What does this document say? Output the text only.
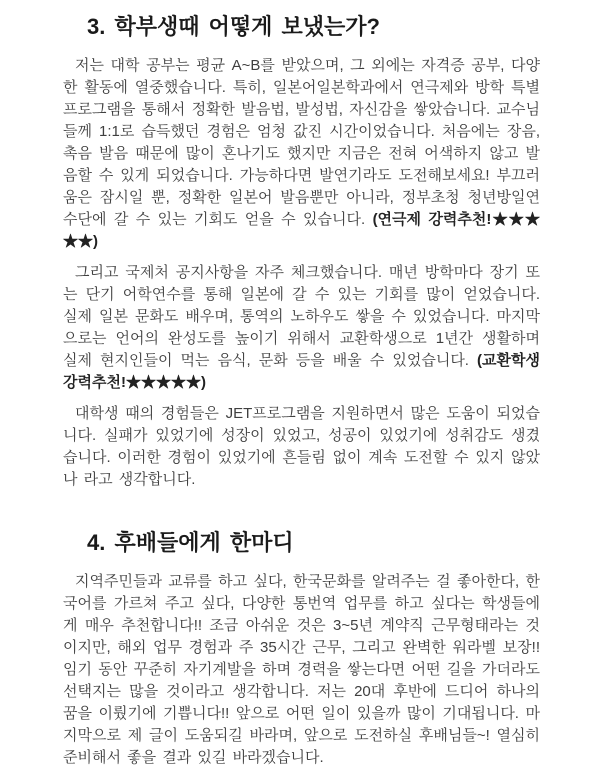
3. 학부생때 어떻게 보냈는가?

저는 대학 공부는 평균 A~B를 받았으며, 그 외에는 자격증 공부, 다양한 활동에 열중했습니다. 특히, 일본어일본학과에서 연극제와 방학 특별프로그램을 통해서 정확한 발음법, 발성법, 자신감을 쌓았습니다. 교수님들께 1:1로 습득했던 경험은 엄청 값진 시간이었습니다. 처음에는 장음, 촉음 발음 때문에 많이 혼나기도 했지만 지금은 전혀 어색하지 않고 발음할 수 있게 되었습니다. 가능하다면 발연기라도 도전해보세요! 부끄러움은 잠시일 뿐, 정확한 일본어 발음뿐만 아니라, 정부초청 청년방일연수단에 갈 수 있는 기회도 얻을 수 있습니다. (연극제 강력추천!★★★★★)

그리고 국제처 공지사항을 자주 체크했습니다. 매년 방학마다 장기 또는 단기 어학연수를 통해 일본에 갈 수 있는 기회를 많이 얻었습니다. 실제 일본 문화도 배우며, 통역의 노하우도 쌓을 수 있었습니다. 마지막으로는 언어의 완성도를 높이기 위해서 교환학생으로 1년간 생활하며 실제 현지인들이 먹는 음식, 문화 등을 배울 수 있었습니다. (교환학생 강력추천!★★★★★)

대학생 때의 경험들은 JET프로그램을 지원하면서 많은 도움이 되었습니다. 실패가 있었기에 성장이 있었고, 성공이 있었기에 성취감도 생겼습니다. 이러한 경험이 있었기에 흔들림 없이 계속 도전할 수 있지 않았나 라고 생각합니다.

4. 후배들에게 한마디

지역주민들과 교류를 하고 싶다, 한국문화를 알려주는 걸 좋아한다, 한국어를 가르쳐 주고 싶다, 다양한 통번역 업무를 하고 싶다는 학생들에게 매우 추천합니다!! 조금 아쉬운 것은 3~5년 계약직 근무형태라는 것이지만, 해외 업무 경험과 주 35시간 근무, 그리고 완벽한 워라벨 보장!! 임기 동안 꾸준히 자기계발을 하며 경력을 쌓는다면 어떤 길을 가더라도 선택지는 많을 것이라고 생각합니다. 저는 20대 후반에 드디어 하나의 꿈을 이뤘기에 기쁩니다!! 앞으로 어떤 일이 있을까 많이 기대됩니다. 마지막으로 제 글이 도움되길 바라며, 앞으로 도전하실 후배님들~! 열심히 준비해서 좋을 결과 있길 바라겠습니다.
